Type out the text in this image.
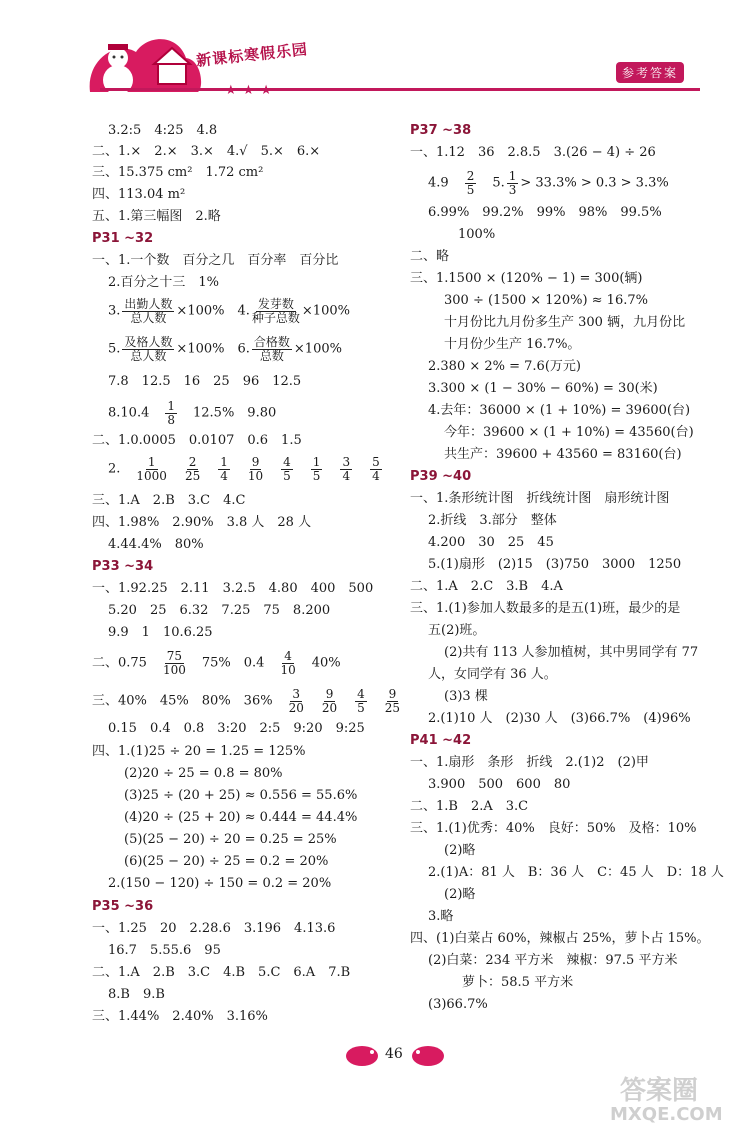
新课标寒假乐园
★★★
参考答案
3.2:5　4:25　4.8
二、1.×　2.×　3.×　4.√　5.×　6.×
三、15.375 cm²　1.72 cm²
四、113.04 m²
五、1.第三幅图　2.略
P31 ~32
一、1.一个数　百分之几　百分率　百分比
2.百分之十三　1%
3. 出勤人数
总人数 ×100%　4. 发芽数
种子总数 ×100%
5. 及格人数
总人数 ×100%　6. 合格数
总数 ×100%
7.8　12.5　16　25　96　12.5
$8.10.4 \frac{1}{8} 12.5\%$　9.80
二、1.0.0005　0.0107　0.6　1.5
2. $\frac{1}{1000} \frac{2}{25} \frac{1}{4} \frac{9}{10} \frac{4}{5} \frac{1}{5} \frac{3}{4} \frac{5}{4}$
三、1.A　2.B　3.C　4.C
四、1.98%　2.90%　3.8 人　28 人
4.44.4%　80%
P33 ~34
一、1.92.25　2.11　3.2.5　4.80　400　500
5.20　25　6.32　7.25　75　8.200
9.9　1　10.6.25
二、$0.75 \frac{75}{100} 75\%$　$0.4 \frac{4}{10} 40\%$
三、40%　45%　80%　$36\% \frac{3}{20} \frac{9}{20} \frac{4}{5} \frac{9}{25}$
0.15　0.4　0.8　3:20　2:5　9:20　9:25
四、1.(1)25 ÷ 20 = 1.25 = 125%
(2)20 ÷ 25 = 0.8 = 80%
(3)25 ÷ (20 + 25) ≈ 0.556 = 55.6%
(4)20 ÷ (25 + 20) ≈ 0.444 = 44.4%
(5)(25 − 20) ÷ 20 = 0.25 = 25%
(6)(25 − 20) ÷ 25 = 0.2 = 20%
2.(150 − 120) ÷ 150 = 0.2 = 20%
P35 ~36
一、1.25　20　2.28.6　3.196　4.13.6
16.7　5.55.6　95
二、1.A　2.B　3.C　4.B　5.C　6.A　7.B
8.B　9.B
三、1.44%　2.40%　3.16%
P37 ~38
一、1.12　36　2.8.5　3.(26 − 4) ÷ 26
$4.9 \frac{2}{5} 5$. $\frac{1}{3} > 33.3\% > 0.3 > 3.3\%$
6.99%　99.2%　99%　98%　99.5%
100%
二、略
三、1.1500 × (120% − 1) = 300(辆)
300 ÷ (1500 × 120%) ≈ 16.7%
十月份比九月份多生产 300 辆，九月份比
十月份少生产 16.7%。
2.380 × 2% = 7.6(万元)
3.300 × (1 − 30% − 60%) = 30(米)
4.去年：36000 × (1 + 10%) = 39600(台)
今年：39600 × (1 + 10%) = 43560(台)
共生产：39600 + 43560 = 83160(台)
P39 ~40
一、1.条形统计图　折线统计图　扇形统计图
2.折线　3.部分　整体
4.200　30　25　45
5.(1)扇形　(2)15　(3)750　3000　1250
二、1.A　2.C　3.B　4.A
三、1.(1)参加人数最多的是五(1)班，最少的是
五(2)班。
(2)共有 113 人参加植树，其中男同学有 77
人，女同学有 36 人。
(3)3 棵
2.(1)10 人　(2)30 人　(3)66.7%　(4)96%
P41 ~42
一、1.扇形　条形　折线　2.(1)2　(2)甲
3.900　500　600　80
二、1.B　2.A　3.C
三、1.(1)优秀：40%　良好：50%　及格：10%
(2)略
2.(1)A：81 人　B：36 人　C：45 人　D：18 人
(2)略
3.略
四、(1)白菜占 60%，辣椒占 25%，萝卜占 15%。
(2)白菜：234 平方米　辣椒：97.5 平方米
萝卜：58.5 平方米
(3)66.7%
46
答案圈
MXQE.COM
